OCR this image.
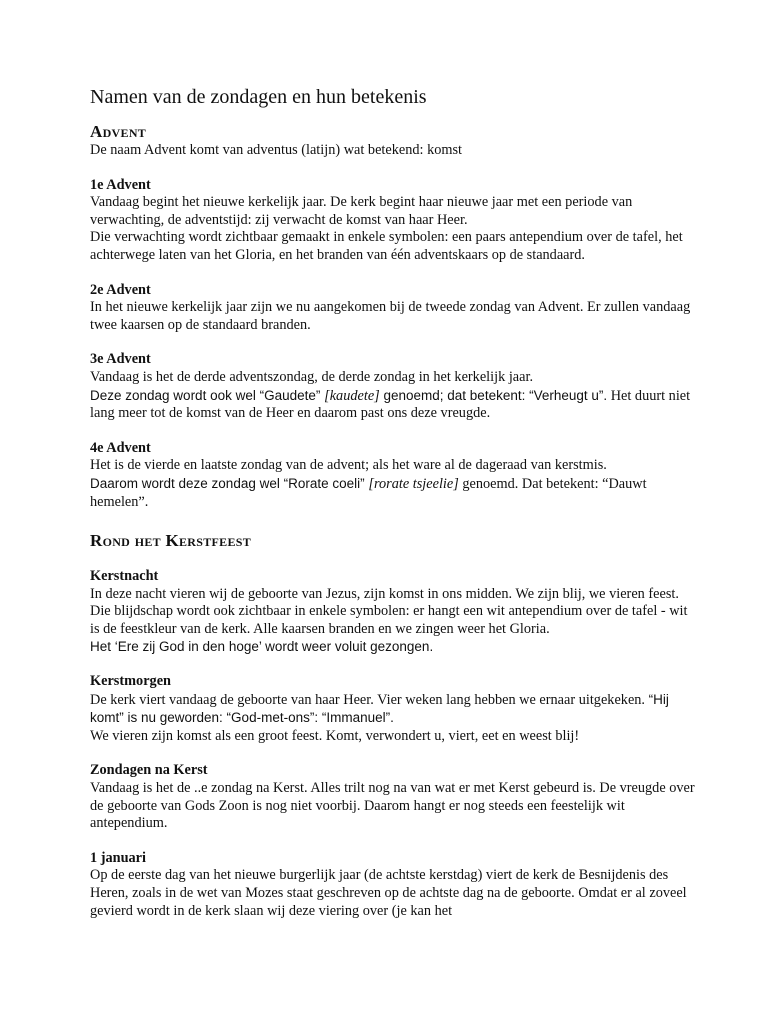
Namen van de zondagen en hun betekenis
Advent

De naam Advent komt van adventus (latijn) wat betekend: komst

1e Advent

Vandaag begint het nieuwe kerkelijk jaar. De kerk begint haar nieuwe jaar met een periode van verwachting, de adventstijd: zij verwacht de komst van haar Heer.

Die verwachting wordt zichtbaar gemaakt in enkele symbolen: een paars antependium over de tafel, het achterwege laten van het Gloria, en het branden van één adventskaars op de standaard.

2e Advent

In het nieuwe kerkelijk jaar zijn we nu aangekomen bij de tweede zondag van Advent. Er zullen vandaag twee kaarsen op de standaard branden.

3e Advent

Vandaag is het de derde adventszondag, de derde zondag in het kerkelijk jaar.

Deze zondag wordt ook wel “Gaudete” [kaudete] genoemd; dat betekent: “Verheugt u”. Het duurt niet lang meer tot de komst van de Heer en daarom past ons deze vreugde.

4e Advent

Het is de vierde en laatste zondag van de advent; als het ware al de dageraad van kerstmis.

Daarom wordt deze zondag wel “Rorate coeli” [rorate tsjeelie] genoemd. Dat betekent: “Dauwt hemelen”.

Rond het Kerstfeest

Kerstnacht

In deze nacht vieren wij de geboorte van Jezus, zijn komst in ons midden. We zijn blij, we vieren feest.

Die blijdschap wordt ook zichtbaar in enkele symbolen: er hangt een wit antependium over de tafel - wit is de feestkleur van de kerk. Alle kaarsen branden en we zingen weer het Gloria.

Het ‘Ere zij God in den hoge’ wordt weer voluit gezongen.

Kerstmorgen

De kerk viert vandaag de geboorte van haar Heer. Vier weken lang hebben we ernaar uitgekeken. “Hij komt” is nu geworden: “God-met-ons”: “Immanuel”.

We vieren zijn komst als een groot feest. Komt, verwondert u, viert, eet en weest blij!

Zondagen na Kerst

Vandaag is het de ..e zondag na Kerst. Alles trilt nog na van wat er met Kerst gebeurd is. De vreugde over de geboorte van Gods Zoon is nog niet voorbij. Daarom hangt er nog steeds een feestelijk wit antependium.

1 januari

Op de eerste dag van het nieuwe burgerlijk jaar (de achtste kerstdag) viert de kerk de Besnijdenis des Heren, zoals in de wet van Mozes staat geschreven op de achtste dag na de geboorte. Omdat er al zoveel gevierd wordt in de kerk slaan wij deze viering over (je kan het
